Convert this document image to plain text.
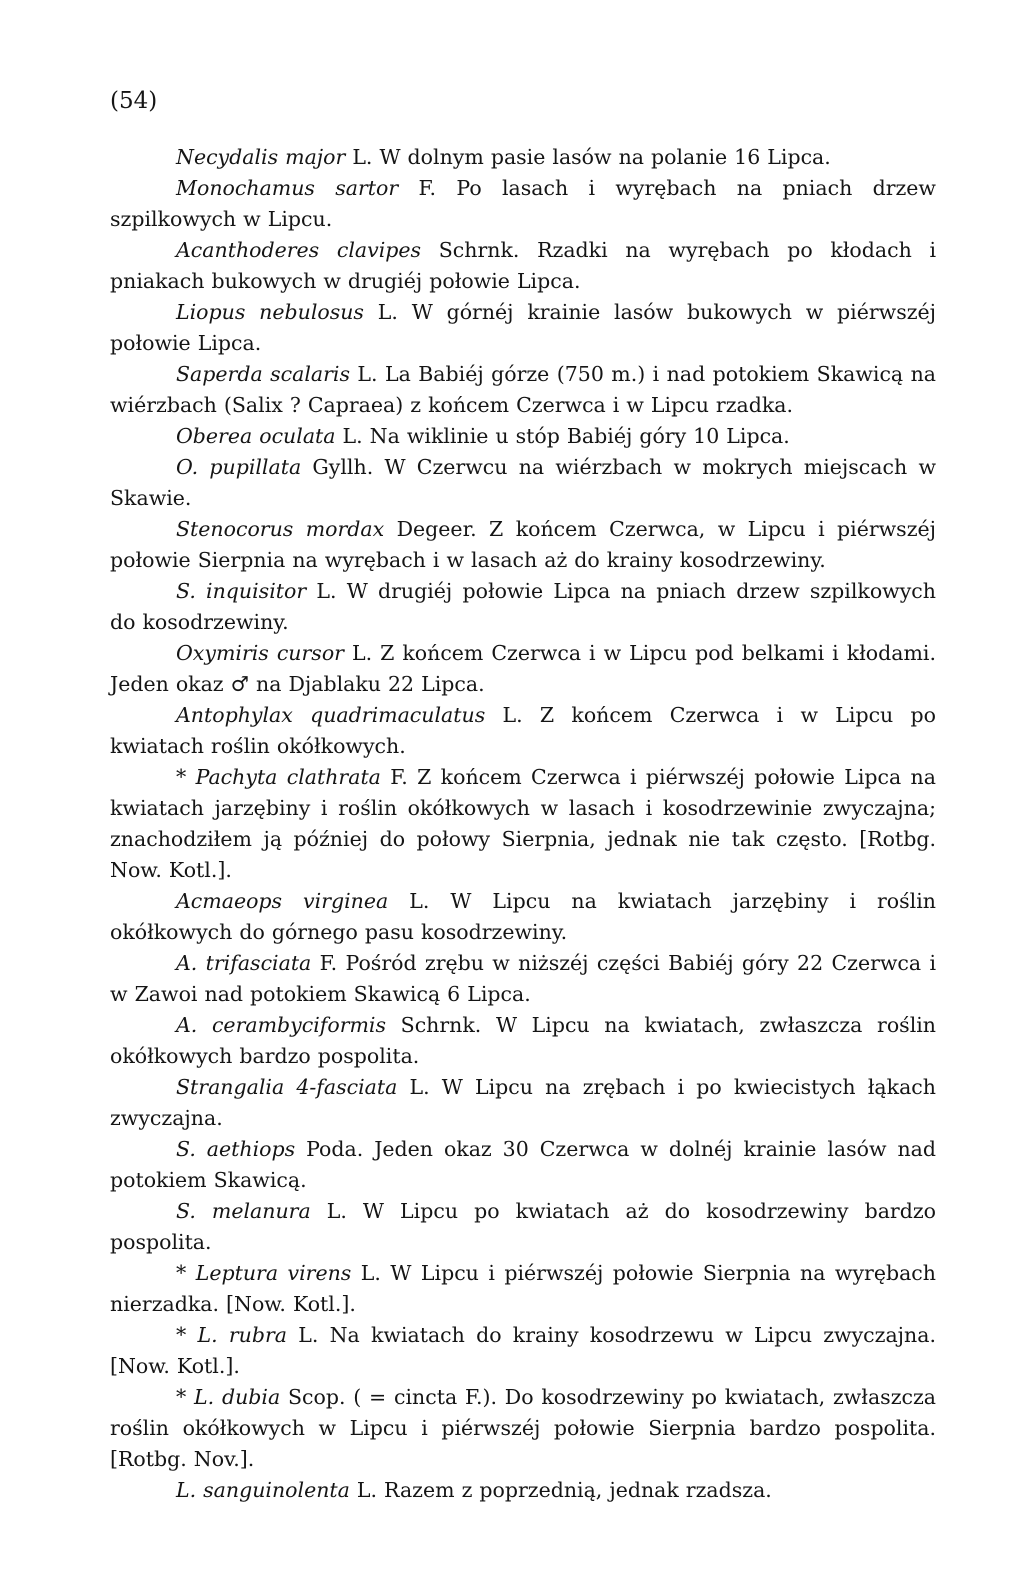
(54)

Necydalis major L. W dolnym pasie lasów na polanie 16 Lipca.

Monochamus sartor F. Po lasach i wyrębach na pniach drzew szpilkowych w Lipcu.

Acanthoderes clavipes Schrnk. Rzadki na wyrębach po kłodach i pniakach bukowych w drugiéj połowie Lipca.

Liopus nebulosus L. W górnéj krainie lasów bukowych w piérwszéj połowie Lipca.

Saperda scalaris L. La Babiéj górze (750 m.) i nad potokiem Skawicą na wiérzbach (Salix ? Capraea) z końcem Czerwca i w Lipcu rzadka.

Oberea oculata L. Na wiklinie u stóp Babiéj góry 10 Lipca.

O. pupillata Gyllh. W Czerwcu na wiérzbach w mokrych miejscach w Skawie.

Stenocorus mordax Degeer. Z końcem Czerwca, w Lipcu i piérwszéj połowie Sierpnia na wyrębach i w lasach aż do krainy kosodrzewiny.

S. inquisitor L. W drugiéj połowie Lipca na pniach drzew szpilkowych do kosodrzewiny.

Oxymiris cursor L. Z końcem Czerwca i w Lipcu pod belkami i kłodami. Jeden okaz ♂ na Djablaku 22 Lipca.

Antophylax quadrimaculatus L. Z końcem Czerwca i w Lipcu po kwiatach roślin okółkowych.

* Pachyta clathrata F. Z końcem Czerwca i piérwszéj połowie Lipca na kwiatach jarzębiny i roślin okółkowych w lasach i kosodrzewinie zwyczajna; znachodziłem ją później do połowy Sierpnia, jednak nie tak często. [Rotbg. Now. Kotl.].

Acmaeops virginea L. W Lipcu na kwiatach jarzębiny i roślin okółkowych do górnego pasu kosodrzewiny.

A. trifasciata F. Pośród zrębu w niższéj części Babiéj góry 22 Czerwca i w Zawoi nad potokiem Skawicą 6 Lipca.

A. cerambyciformis Schrnk. W Lipcu na kwiatach, zwłaszcza roślin okółkowych bardzo pospolita.

Strangalia 4-fasciata L. W Lipcu na zrębach i po kwiecistych łąkach zwyczajna.

S. aethiops Poda. Jeden okaz 30 Czerwca w dolnéj krainie lasów nad potokiem Skawicą.

S. melanura L. W Lipcu po kwiatach aż do kosodrzewiny bardzo pospolita.

* Leptura virens L. W Lipcu i piérwszéj połowie Sierpnia na wyrębach nierzadka. [Now. Kotl.].

* L. rubra L. Na kwiatach do krainy kosodrzewu w Lipcu zwyczajna. [Now. Kotl.].

* L. dubia Scop. ( = cincta F.). Do kosodrzewiny po kwiatach, zwłaszcza roślin okółkowych w Lipcu i piérwszéj połowie Sierpnia bardzo pospolita. [Rotbg. Nov.].

L. sanguinolenta L. Razem z poprzednią, jednak rzadsza.
